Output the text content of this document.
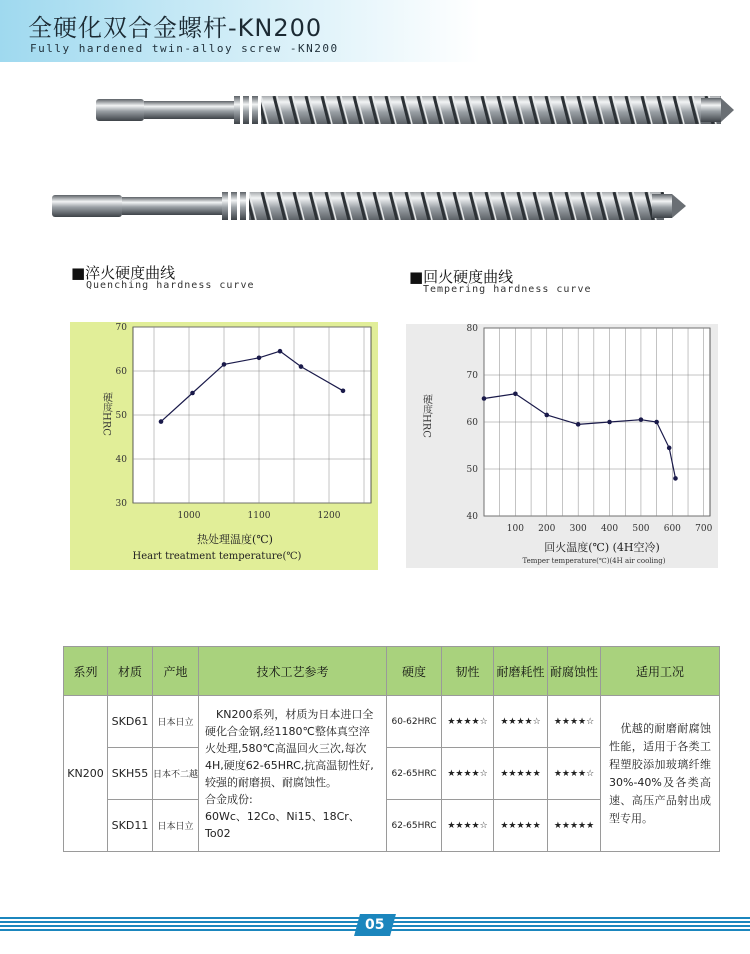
全硬化双合金螺杆-KN200
Fully hardened twin-alloy screw -KN200
■淬火硬度曲线
Quenching hardness curve	■回火硬度曲线
Tempering hardness curve
30
40
50
60
70
1000	1100	1200
硬度HRC
热处理温度(℃)
Heart treatment temperature(℃)
40
50
60
70
80
100 200 300 400 500 600 700
硬度HRC
回火温度(℃) (4H空冷)
Temper temperature(℃)(4H air cooling)
系列	材质	产地	技术工艺参考	硬度	韧性	耐磨耗性	耐腐蚀性	适用工况
KN200	SKD61	日本日立	　KN200系列，材质为日本进口全硬化合金钢,经1180℃整体真空淬火处理,580℃高温回火三次,每次4H,硬度62-65HRC,抗高温韧性好,较强的耐磨损、耐腐蚀性。
合金成份:
60Wc、12Co、Ni15、18Cr、To02	60-62HRC	★★★★☆	★★★★☆	★★★★☆	　优越的耐磨耐腐蚀性能，适用于各类工程塑胶添加玻璃纤维30%-40%及各类高速、高压产品射出成型专用。
	SKH55	日本不二越		62-65HRC	★★★★☆	★★★★★	★★★★☆	
	SKD11	日本日立		62-65HRC	★★★★☆	★★★★★	★★★★★	
05
